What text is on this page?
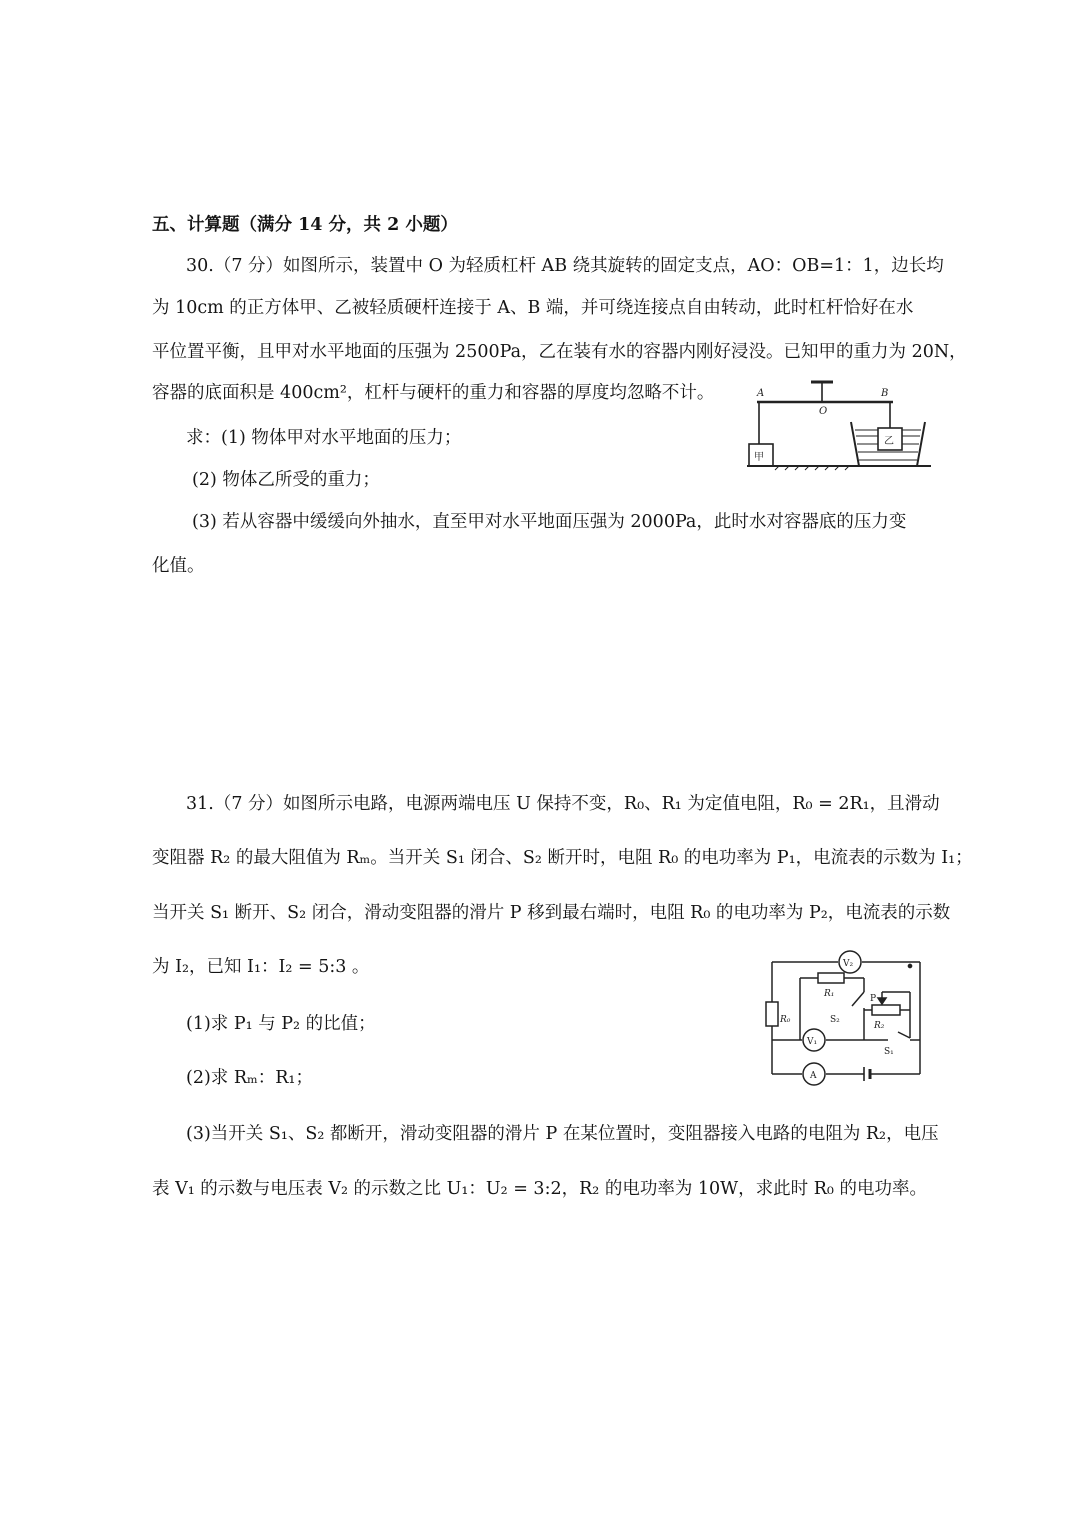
五、计算题（满分 14 分，共 2 小题）
30.（7 分）如图所示，装置中 O 为轻质杠杆 AB 绕其旋转的固定支点，AO：OB=1：1，边长均
为 10cm 的正方体甲、乙被轻质硬杆连接于 A、B 端，并可绕连接点自由转动，此时杠杆恰好在水
平位置平衡，且甲对水平地面的压强为 2500Pa，乙在装有水的容器内刚好浸没。已知甲的重力为 20N，
容器的底面积是 400cm²，杠杆与硬杆的重力和容器的厚度均忽略不计。
求：(1) 物体甲对水平地面的压力；
(2) 物体乙所受的重力；
(3) 若从容器中缓缓向外抽水，直至甲对水平地面压强为 2000Pa，此时水对容器底的压力变
化值。
A
O
B
甲
乙
31.（7 分）如图所示电路，电源两端电压 U 保持不变，R₀、R₁ 为定值电阻，R₀ = 2R₁，且滑动
变阻器 R₂ 的最大阻值为 Rₘ。当开关 S₁ 闭合、S₂ 断开时，电阻 R₀ 的电功率为 P₁，电流表的示数为 I₁；
当开关 S₁ 断开、S₂ 闭合，滑动变阻器的滑片 P 移到最右端时，电阻 R₀ 的电功率为 P₂，电流表的示数
为 I₂，已知 I₁：I₂ = 5:3 。
(1)求 P₁ 与 P₂ 的比值；
(2)求 Rₘ：R₁；
(3)当开关 S₁、S₂ 都断开，滑动变阻器的滑片 P 在某位置时，变阻器接入电路的电阻为 R₂，电压
表 V₁ 的示数与电压表 V₂ 的示数之比 U₁：U₂ = 3:2，R₂ 的电功率为 10W，求此时 R₀ 的电功率。
V₂
V₁
A
R₀
R₁
R₂
S₂
S₁
P
